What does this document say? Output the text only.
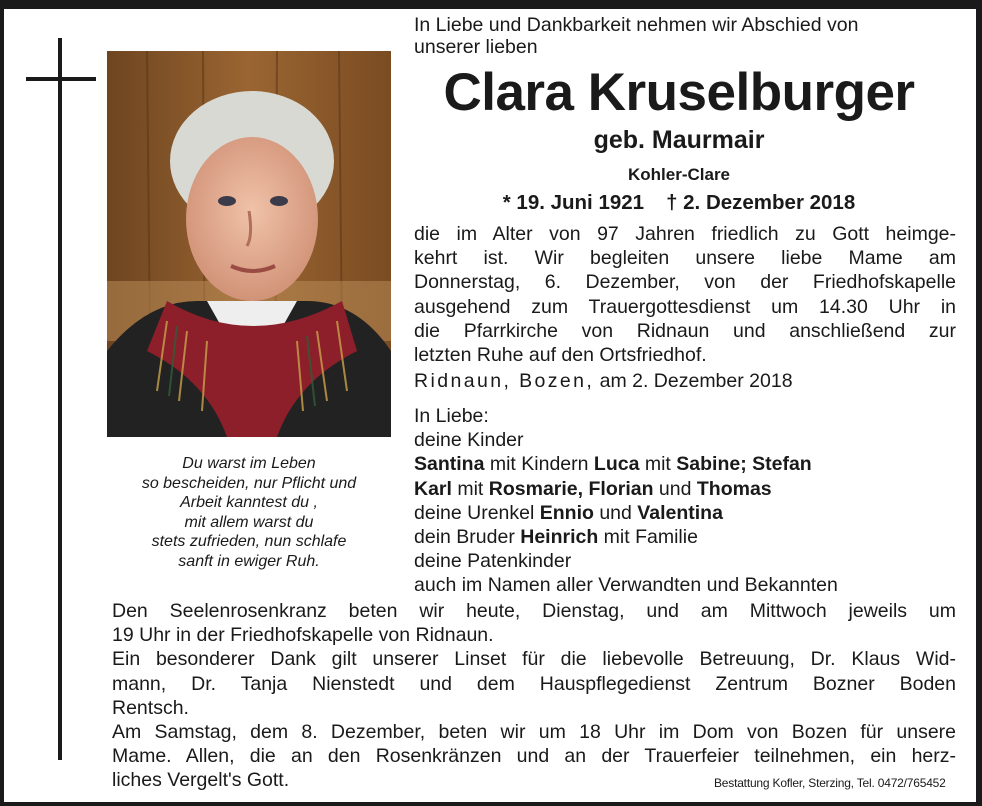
Du warst im Leben
so bescheiden, nur Pflicht und
Arbeit kanntest du ,
mit allem warst du
stets zufrieden, nun schlafe
sanft in ewiger Ruh.
In Liebe und Dankbarkeit nehmen wir Abschied von
unserer lieben
Clara Kruselburger
geb. Maurmair
Kohler-Clare
* 19. Juni 1921 † 2. Dezember 2018
die im Alter von 97 Jahren friedlich zu Gott heimge-
kehrt ist. Wir begleiten unsere liebe Mame am
Donnerstag, 6. Dezember, von der Friedhofskapelle
ausgehend zum Trauergottesdienst um 14.30 Uhr in
die Pfarrkirche von Ridnaun und anschließend zur
letzten Ruhe auf den Ortsfriedhof.
Ridnaun, Bozen, am 2. Dezember 2018
In Liebe:
deine Kinder
Santina mit Kindern Luca mit Sabine; Stefan
Karl mit Rosmarie, Florian und Thomas
deine Urenkel Ennio und Valentina
dein Bruder Heinrich mit Familie
deine Patenkinder
auch im Namen aller Verwandten und Bekannten
Den Seelenrosenkranz beten wir heute, Dienstag, und am Mittwoch jeweils um
19 Uhr in der Friedhofskapelle von Ridnaun.
Ein besonderer Dank gilt unserer Linset für die liebevolle Betreuung, Dr. Klaus Wid-
mann, Dr. Tanja Nienstedt und dem Hauspflegedienst Zentrum Bozner Boden
Rentsch.
Am Samstag, dem 8. Dezember, beten wir um 18 Uhr im Dom von Bozen für unsere
Mame. Allen, die an den Rosenkränzen und an der Trauerfeier teilnehmen, ein herz-
liches Vergelt's Gott.	Bestattung Kofler, Sterzing, Tel. 0472/765452
